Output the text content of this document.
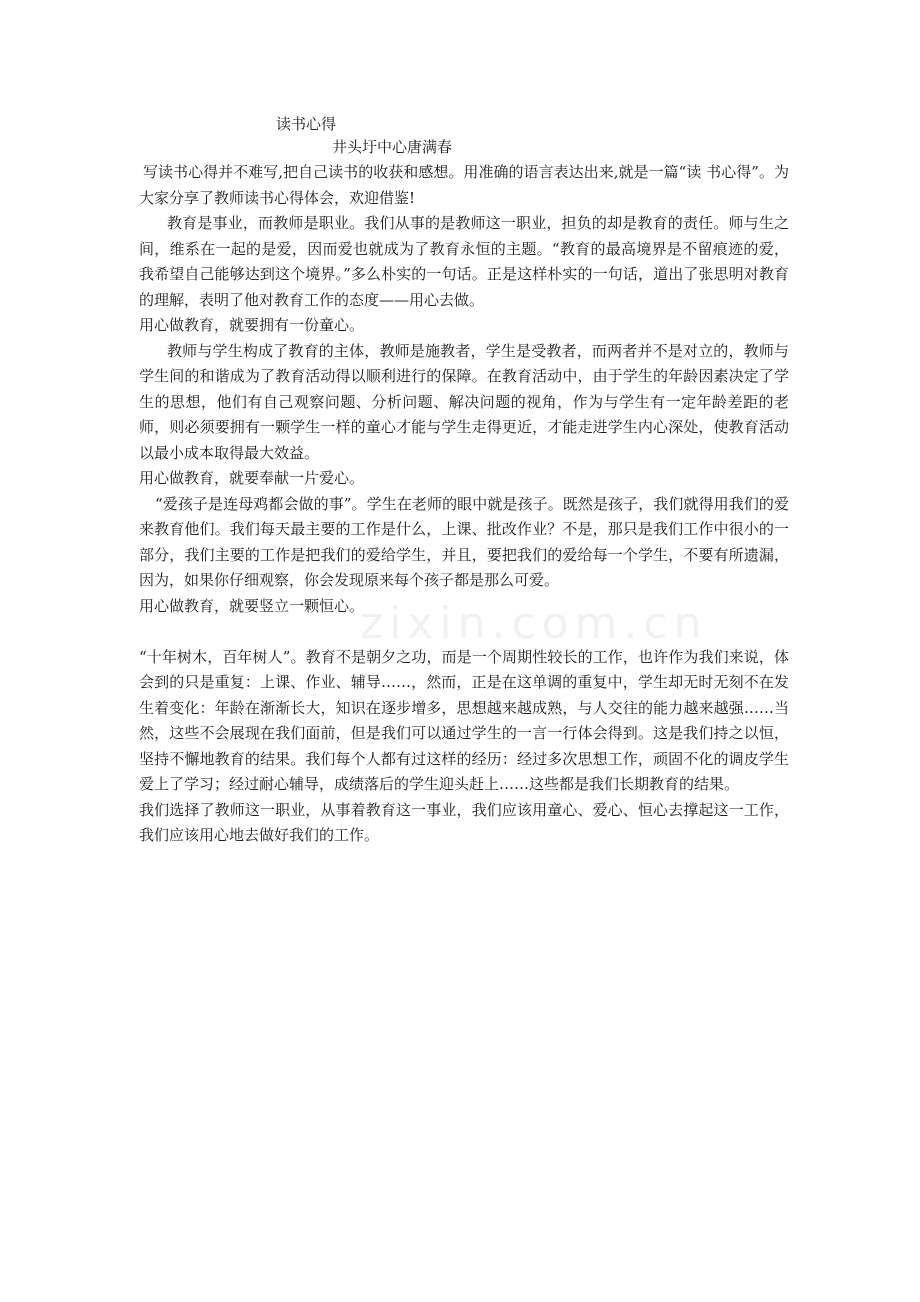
读书心得
井头圩中心唐满春

写读书心得并不难写,把自己读书的收获和感想。用准确的语言表达出来,就是一篇“读 书心得”。为大家分享了教师读书心得体会，欢迎借鉴!

教育是事业，而教师是职业。我们从事的是教师这一职业，担负的却是教育的责任。师与生之间，维系在一起的是爱，因而爱也就成为了教育永恒的主题。“教育的最高境界是不留痕迹的爱，我希望自己能够达到这个境界。”多么朴实的一句话。正是这样朴实的一句话，道出了张思明对教育的理解，表明了他对教育工作的态度——用心去做。

用心做教育，就要拥有一份童心。

教师与学生构成了教育的主体，教师是施教者，学生是受教者，而两者并不是对立的，教师与学生间的和谐成为了教育活动得以顺利进行的保障。在教育活动中，由于学生的年龄因素决定了学生的思想，他们有自己观察问题、分析问题、解决问题的视角，作为与学生有一定年龄差距的老师，则必须要拥有一颗学生一样的童心才能与学生走得更近，才能走进学生内心深处，使教育活动以最小成本取得最大效益。

用心做教育，就要奉献一片爱心。

“爱孩子是连母鸡都会做的事”。学生在老师的眼中就是孩子。既然是孩子，我们就得用我们的爱来教育他们。我们每天最主要的工作是什么，上课、批改作业？不是，那只是我们工作中很小的一部分，我们主要的工作是把我们的爱给学生，并且，要把我们的爱给每一个学生，不要有所遗漏，因为，如果你仔细观察，你会发现原来每个孩子都是那么可爱。

用心做教育，就要竖立一颗恒心。

“十年树木，百年树人”。教育不是朝夕之功，而是一个周期性较长的工作，也许作为我们来说，体会到的只是重复：上课、作业、辅导……，然而，正是在这单调的重复中，学生却无时无刻不在发生着变化：年龄在渐渐长大，知识在逐步增多，思想越来越成熟，与人交往的能力越来越强……当然，这些不会展现在我们面前，但是我们可以通过学生的一言一行体会得到。这是我们持之以恒，坚持不懈地教育的结果。我们每个人都有过这样的经历：经过多次思想工作，顽固不化的调皮学生爱上了学习；经过耐心辅导，成绩落后的学生迎头赶上……这些都是我们长期教育的结果。

我们选择了教师这一职业，从事着教育这一事业，我们应该用童心、爱心、恒心去撑起这一工作，我们应该用心地去做好我们的工作。

zixin.com.cn
